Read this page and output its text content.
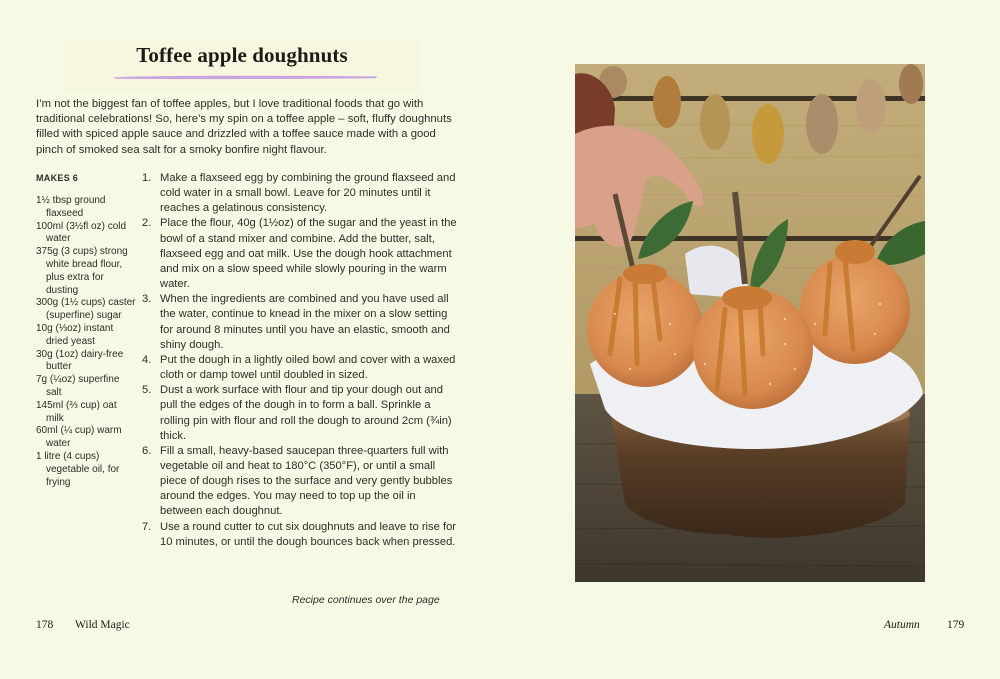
Toffee apple doughnuts

I’m not the biggest fan of toffee apples, but I love traditional foods that go with traditional celebrations! So, here’s my spin on a toffee apple – soft, fluffy doughnuts filled with spiced apple sauce and drizzled with a toffee sauce made with a good pinch of smoked sea salt for a smoky bonfire night flavour.

MAKES 6
1½ tbsp ground flaxseed
100ml (3½fl oz) cold water
375g (3 cups) strong white bread flour, plus extra for dusting
300g (1½ cups) caster (superfine) sugar
10g (⅓oz) instant dried yeast
30g (1oz) dairy-free butter
7g (¼oz) superfine salt
145ml (⅔ cup) oat milk
60ml (¼ cup) warm water
1 litre (4 cups) vegetable oil, for frying
1. Make a flaxseed egg by combining the ground flaxseed and cold water in a small bowl. Leave for 20 minutes until it reaches a gelatinous consistency.
2. Place the flour, 40g (1½oz) of the sugar and the yeast in the bowl of a stand mixer and combine. Add the butter, salt, flaxseed egg and oat milk. Use the dough hook attachment and mix on a slow speed while slowly pouring in the warm water.
3. When the ingredients are combined and you have used all the water, continue to knead in the mixer on a slow setting for around 8 minutes until you have an elastic, smooth and shiny dough.
4. Put the dough in a lightly oiled bowl and cover with a waxed cloth or damp towel until doubled in sized.
5. Dust a work surface with flour and tip your dough out and pull the edges of the dough in to form a ball. Sprinkle a rolling pin with flour and roll the dough to around 2cm (¾in) thick.
6. Fill a small, heavy-based saucepan three-quarters full with vegetable oil and heat to 180°C (350°F), or until a small piece of dough rises to the surface and very gently bubbles around the edges. You may need to top up the oil in between each doughnut.
7. Use a round cutter to cut six doughnuts and leave to rise for 10 minutes, or until the dough bounces back when pressed.
Recipe continues over the page
178 Wild Magic	Autumn 179
